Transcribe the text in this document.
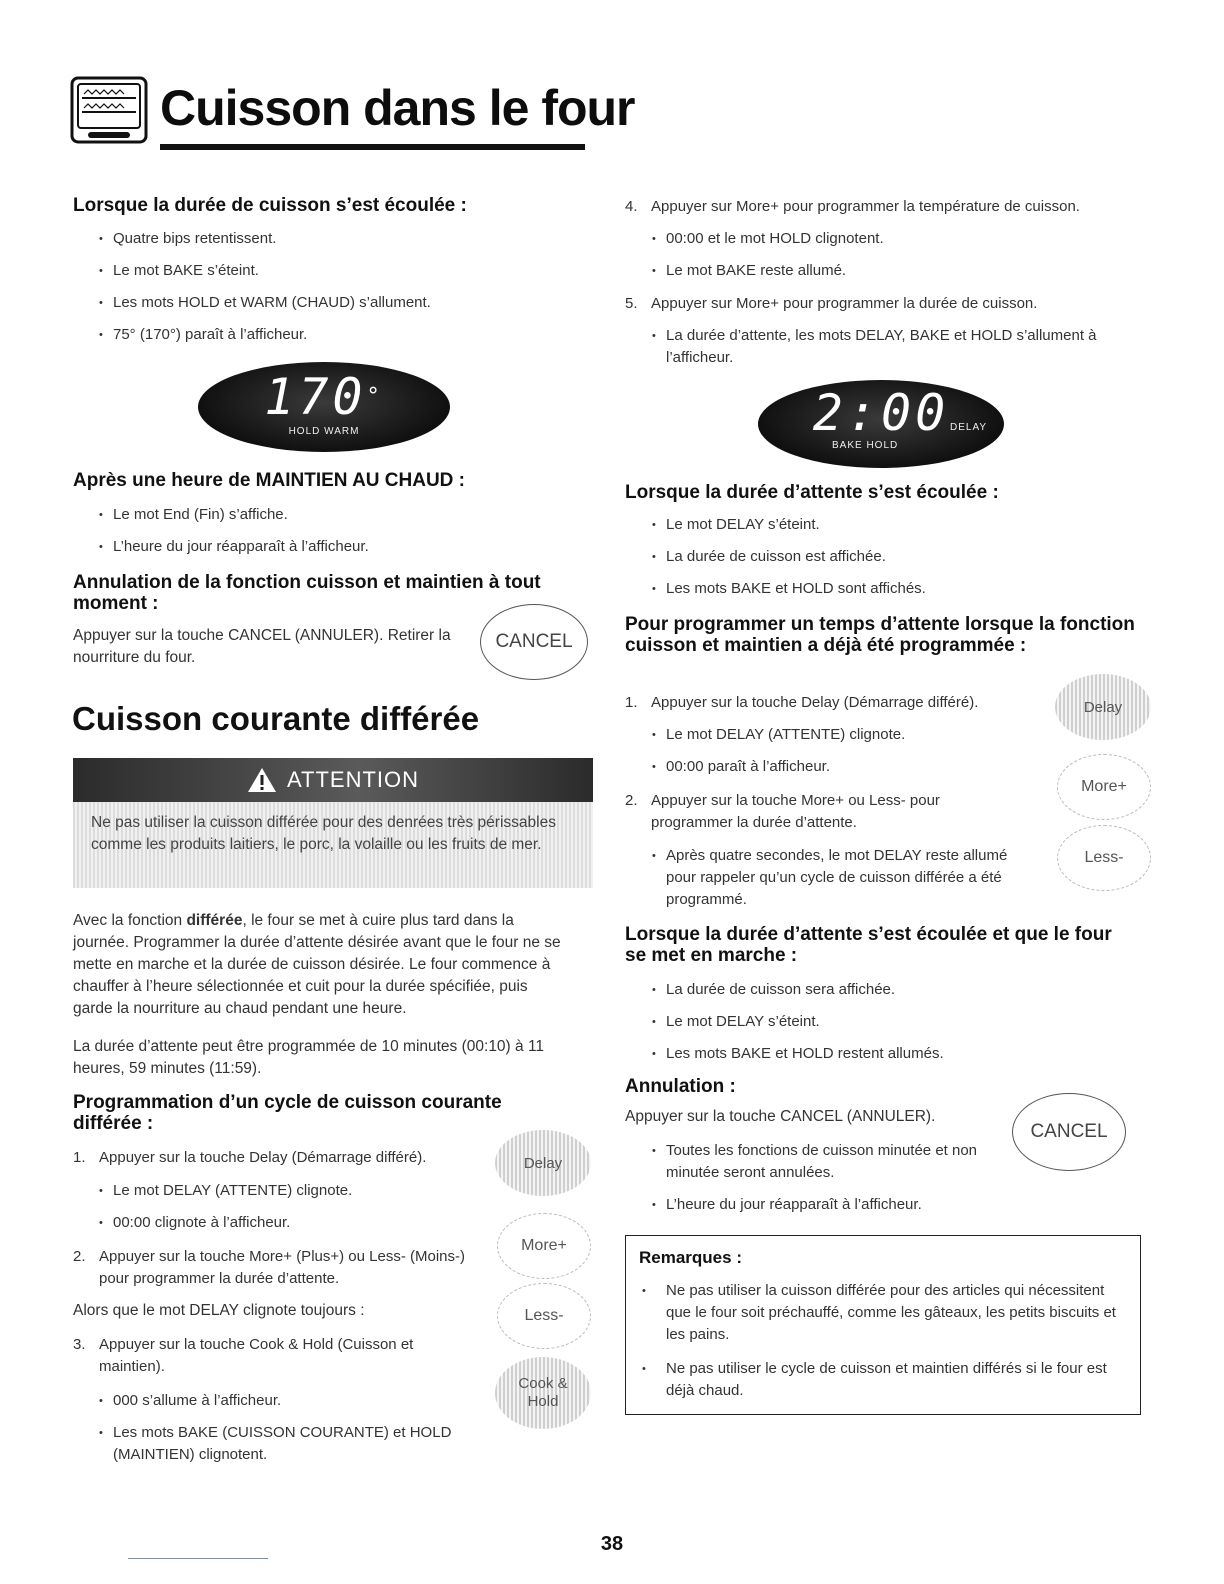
Cuisson dans le four
Lorsque la durée de cuisson s’est écoulée :
• Quatre bips retentissent.
• Le mot BAKE s’éteint.
• Les mots HOLD et WARM (CHAUD) s’allument.
• 75° (170°) paraît à l’afficheur.
170°
HOLD WARM
Après une heure de MAINTIEN AU CHAUD :
• Le mot End (Fin) s’affiche.
• L’heure du jour réapparaît à l’afficheur.
Annulation de la fonction cuisson et maintien à tout moment :
Appuyer sur la touche CANCEL (ANNULER). Retirer la nourriture du four.
CANCEL
Cuisson courante différée
ATTENTION
Ne pas utiliser la cuisson différée pour des denrées très périssables comme les produits laitiers, le porc, la volaille ou les fruits de mer.
Avec la fonction différée, le four se met à cuire plus tard dans la journée. Programmer la durée d’attente désirée avant que le four ne se mette en marche et la durée de cuisson désirée. Le four commence à chauffer à l’heure sélectionnée et cuit pour la durée spécifiée, puis garde la nourriture au chaud pendant une heure.
La durée d’attente peut être programmée de 10 minutes (00:10) à 11 heures, 59 minutes (11:59).
Programmation d’un cycle de cuisson courante différée :
1. Appuyer sur la touche Delay (Démarrage différé).
• Le mot DELAY (ATTENTE) clignote.
• 00:00 clignote à l’afficheur.
2. Appuyer sur la touche More+ (Plus+) ou Less- (Moins-) pour programmer la durée d’attente.
Alors que le mot DELAY clignote toujours :
3. Appuyer sur la touche Cook & Hold (Cuisson et maintien).
• 000 s’allume à l’afficheur.
• Les mots BAKE (CUISSON COURANTE) et HOLD (MAINTIEN) clignotent.
Delay
More+
Less-
Cook &
Hold
4. Appuyer sur More+ pour programmer la température de cuisson.
• 00:00 et le mot HOLD clignotent.
• Le mot BAKE reste allumé.
5. Appuyer sur More+ pour programmer la durée de cuisson.
• La durée d’attente, les mots DELAY, BAKE et HOLD s’allument à l’afficheur.
2:00
BAKE HOLD
DELAY
Lorsque la durée d’attente s’est écoulée :
• Le mot DELAY s’éteint.
• La durée de cuisson est affichée.
• Les mots BAKE et HOLD sont affichés.
Pour programmer un temps d’attente lorsque la fonction cuisson et maintien a déjà été programmée :
1. Appuyer sur la touche Delay (Démarrage différé).
• Le mot DELAY (ATTENTE) clignote.
• 00:00 paraît à l’afficheur.
2. Appuyer sur la touche More+ ou Less- pour programmer la durée d’attente.
• Après quatre secondes, le mot DELAY reste allumé pour rappeler qu’un cycle de cuisson différée a été programmé.
Delay
More+
Less-
Lorsque la durée d’attente s’est écoulée et que le four se met en marche :
• La durée de cuisson sera affichée.
• Le mot DELAY s’éteint.
• Les mots BAKE et HOLD restent allumés.
Annulation :
Appuyer sur la touche CANCEL (ANNULER).
CANCEL
• Toutes les fonctions de cuisson minutée et non minutée seront annulées.
• L’heure du jour réapparaît à l’afficheur.
Remarques :
• Ne pas utiliser la cuisson différée pour des articles qui nécessitent que le four soit préchauffé, comme les gâteaux, les petits biscuits et les pains.
• Ne pas utiliser le cycle de cuisson et maintien différés si le four est déjà chaud.
38
